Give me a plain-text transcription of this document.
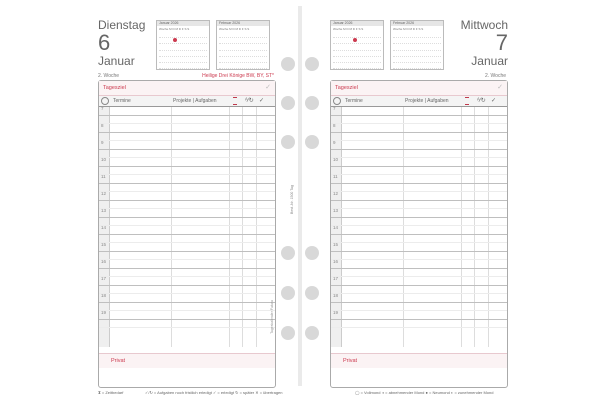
Dienstag
6
Januar
Januar 2026
Woche M D M D F S S
Februar 2026
Woche M D M D F S S
2. Woche	Heilige Drei Könige BW, BY, ST*
Tagesziel	✓
Termine	Projekte | Aufgaben	ᴬ⁄↻ ✓
7
8
9
10
11
12
13
14
15
16
17
18
19
Privat
⧗ = Zeitbedarf	✓/↻ = Aufgaben noch fristlich erledigt ✓ = erledigt ↻ = später ✕ = übertragen
Tageskalender Futura
Best.-Nr. 1500 Tag
Januar 2026
Woche M D M D F S S
Februar 2026
Woche M D M D F S S	Mittwoch
7
Januar
2. Woche
Tagesziel	✓
Termine	Projekte | Aufgaben	ᴬ⁄↻ ✓
7
8
9
10
11
12
13
14
15
16
17
18
19
Privat
◯ = Vollmond ◑ = abnehmender Mond ● = Neumond ◐ = zunehmender Mond
